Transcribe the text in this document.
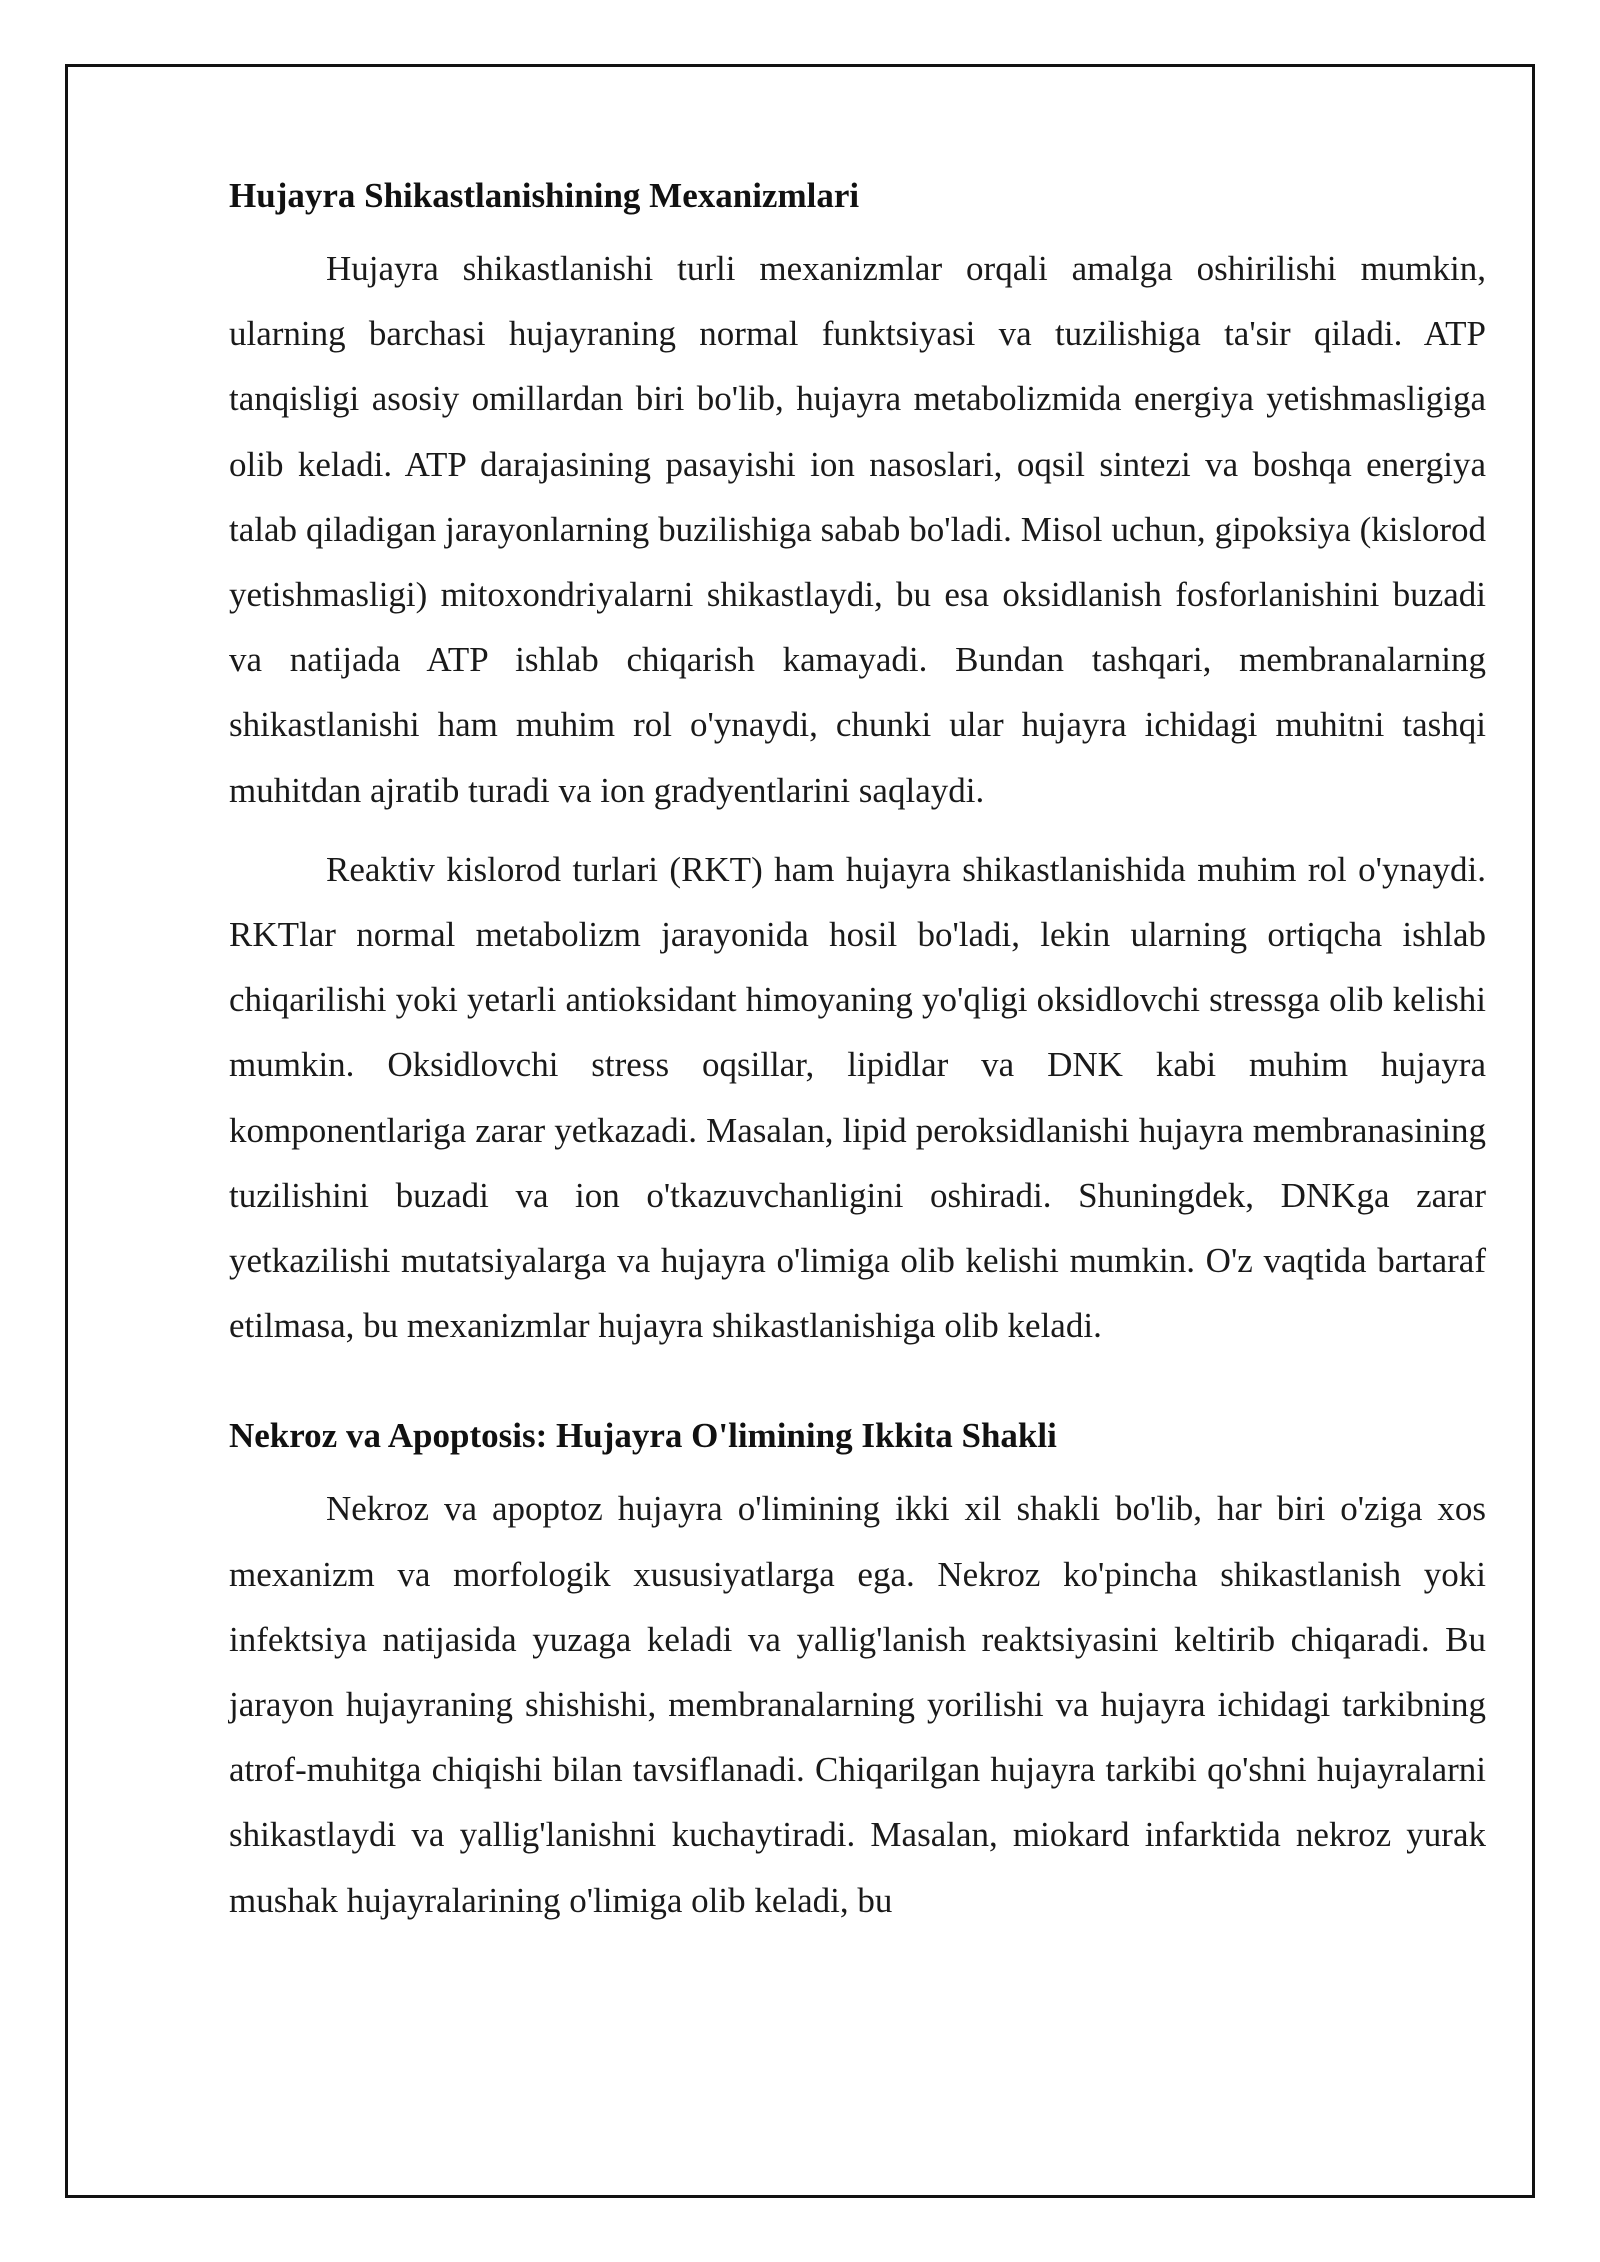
Hujayra Shikastlanishining Mexanizmlari

Hujayra shikastlanishi turli mexanizmlar orqali amalga oshirilishi mumkin, ularning barchasi hujayraning normal funktsiyasi va tuzilishiga ta'sir qiladi. ATP tanqisligi asosiy omillardan biri bo'lib, hujayra metabolizmida energiya yetishmasligiga olib keladi. ATP darajasining pasayishi ion nasoslari, oqsil sintezi va boshqa energiya talab qiladigan jarayonlarning buzilishiga sabab bo'ladi. Misol uchun, gipoksiya (kislorod yetishmasligi) mitoxondriyalarni shikastlaydi, bu esa oksidlanish fosforlanishini buzadi va natijada ATP ishlab chiqarish kamayadi. Bundan tashqari, membranalarning shikastlanishi ham muhim rol o'ynaydi, chunki ular hujayra ichidagi muhitni tashqi muhitdan ajratib turadi va ion gradyentlarini saqlaydi.

Reaktiv kislorod turlari (RKT) ham hujayra shikastlanishida muhim rol o'ynaydi. RKTlar normal metabolizm jarayonida hosil bo'ladi, lekin ularning ortiqcha ishlab chiqarilishi yoki yetarli antioksidant himoyaning yo'qligi oksidlovchi stressga olib kelishi mumkin. Oksidlovchi stress oqsillar, lipidlar va DNK kabi muhim hujayra komponentlariga zarar yetkazadi. Masalan, lipid peroksidlanishi hujayra membranasining tuzilishini buzadi va ion o'tkazuvchanligini oshiradi. Shuningdek, DNKga zarar yetkazilishi mutatsiyalarga va hujayra o'limiga olib kelishi mumkin. O'z vaqtida bartaraf etilmasa, bu mexanizmlar hujayra shikastlanishiga olib keladi.

Nekroz va Apoptosis: Hujayra O'limining Ikkita Shakli

Nekroz va apoptoz hujayra o'limining ikki xil shakli bo'lib, har biri o'ziga xos mexanizm va morfologik xususiyatlarga ega. Nekroz ko'pincha shikastlanish yoki infektsiya natijasida yuzaga keladi va yallig'lanish reaktsiyasini keltirib chiqaradi. Bu jarayon hujayraning shishishi, membranalarning yorilishi va hujayra ichidagi tarkibning atrof-muhitga chiqishi bilan tavsiflanadi. Chiqarilgan hujayra tarkibi qo'shni hujayralarni shikastlaydi va yallig'lanishni kuchaytiradi. Masalan, miokard infarktida nekroz yurak mushak hujayralarining o'limiga olib keladi, bu
